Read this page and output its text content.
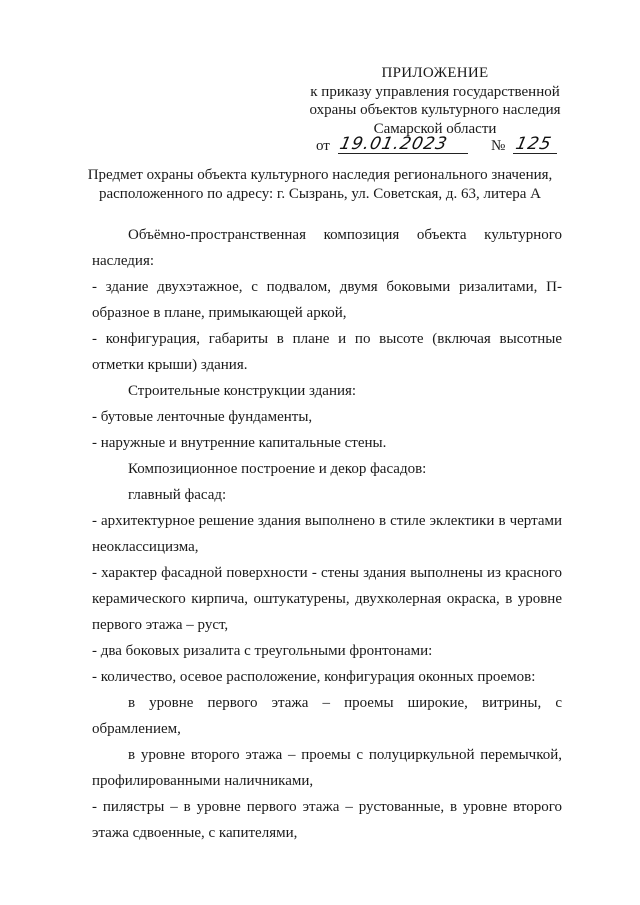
ПРИЛОЖЕНИЕ
к приказу управления государственной
охраны объектов культурного наследия
Самарской области
от 19.01.2023	№ 125
Предмет охраны объекта культурного наследия регионального значения,
расположенного по адресу: г. Сызрань, ул. Советская, д. 63, литера А

Объёмно-пространственная композиция объекта культурного наследия:

- здание двухэтажное, с подвалом, двумя боковыми ризалитами, П-образное в плане, примыкающей аркой,

- конфигурация, габариты в плане и по высоте (включая высотные отметки крыши) здания.

Строительные конструкции здания:

- бутовые ленточные фундаменты,

- наружные и внутренние капитальные стены.

Композиционное построение и декор фасадов:

главный фасад:

- архитектурное решение здания выполнено в стиле эклектики в чертами неоклассицизма,

- характер фасадной поверхности - стены здания выполнены из красного керамического кирпича, оштукатурены, двухколерная окраска, в уровне первого этажа – руст,

- два боковых ризалита с треугольными фронтонами:

- количество, осевое расположение, конфигурация оконных проемов:

в уровне первого этажа – проемы широкие, витрины, с обрамлением,

в уровне второго этажа – проемы с полуциркульной перемычкой, профилированными наличниками,

- пилястры – в уровне первого этажа – рустованные, в уровне второго этажа сдвоенные, с капителями,
